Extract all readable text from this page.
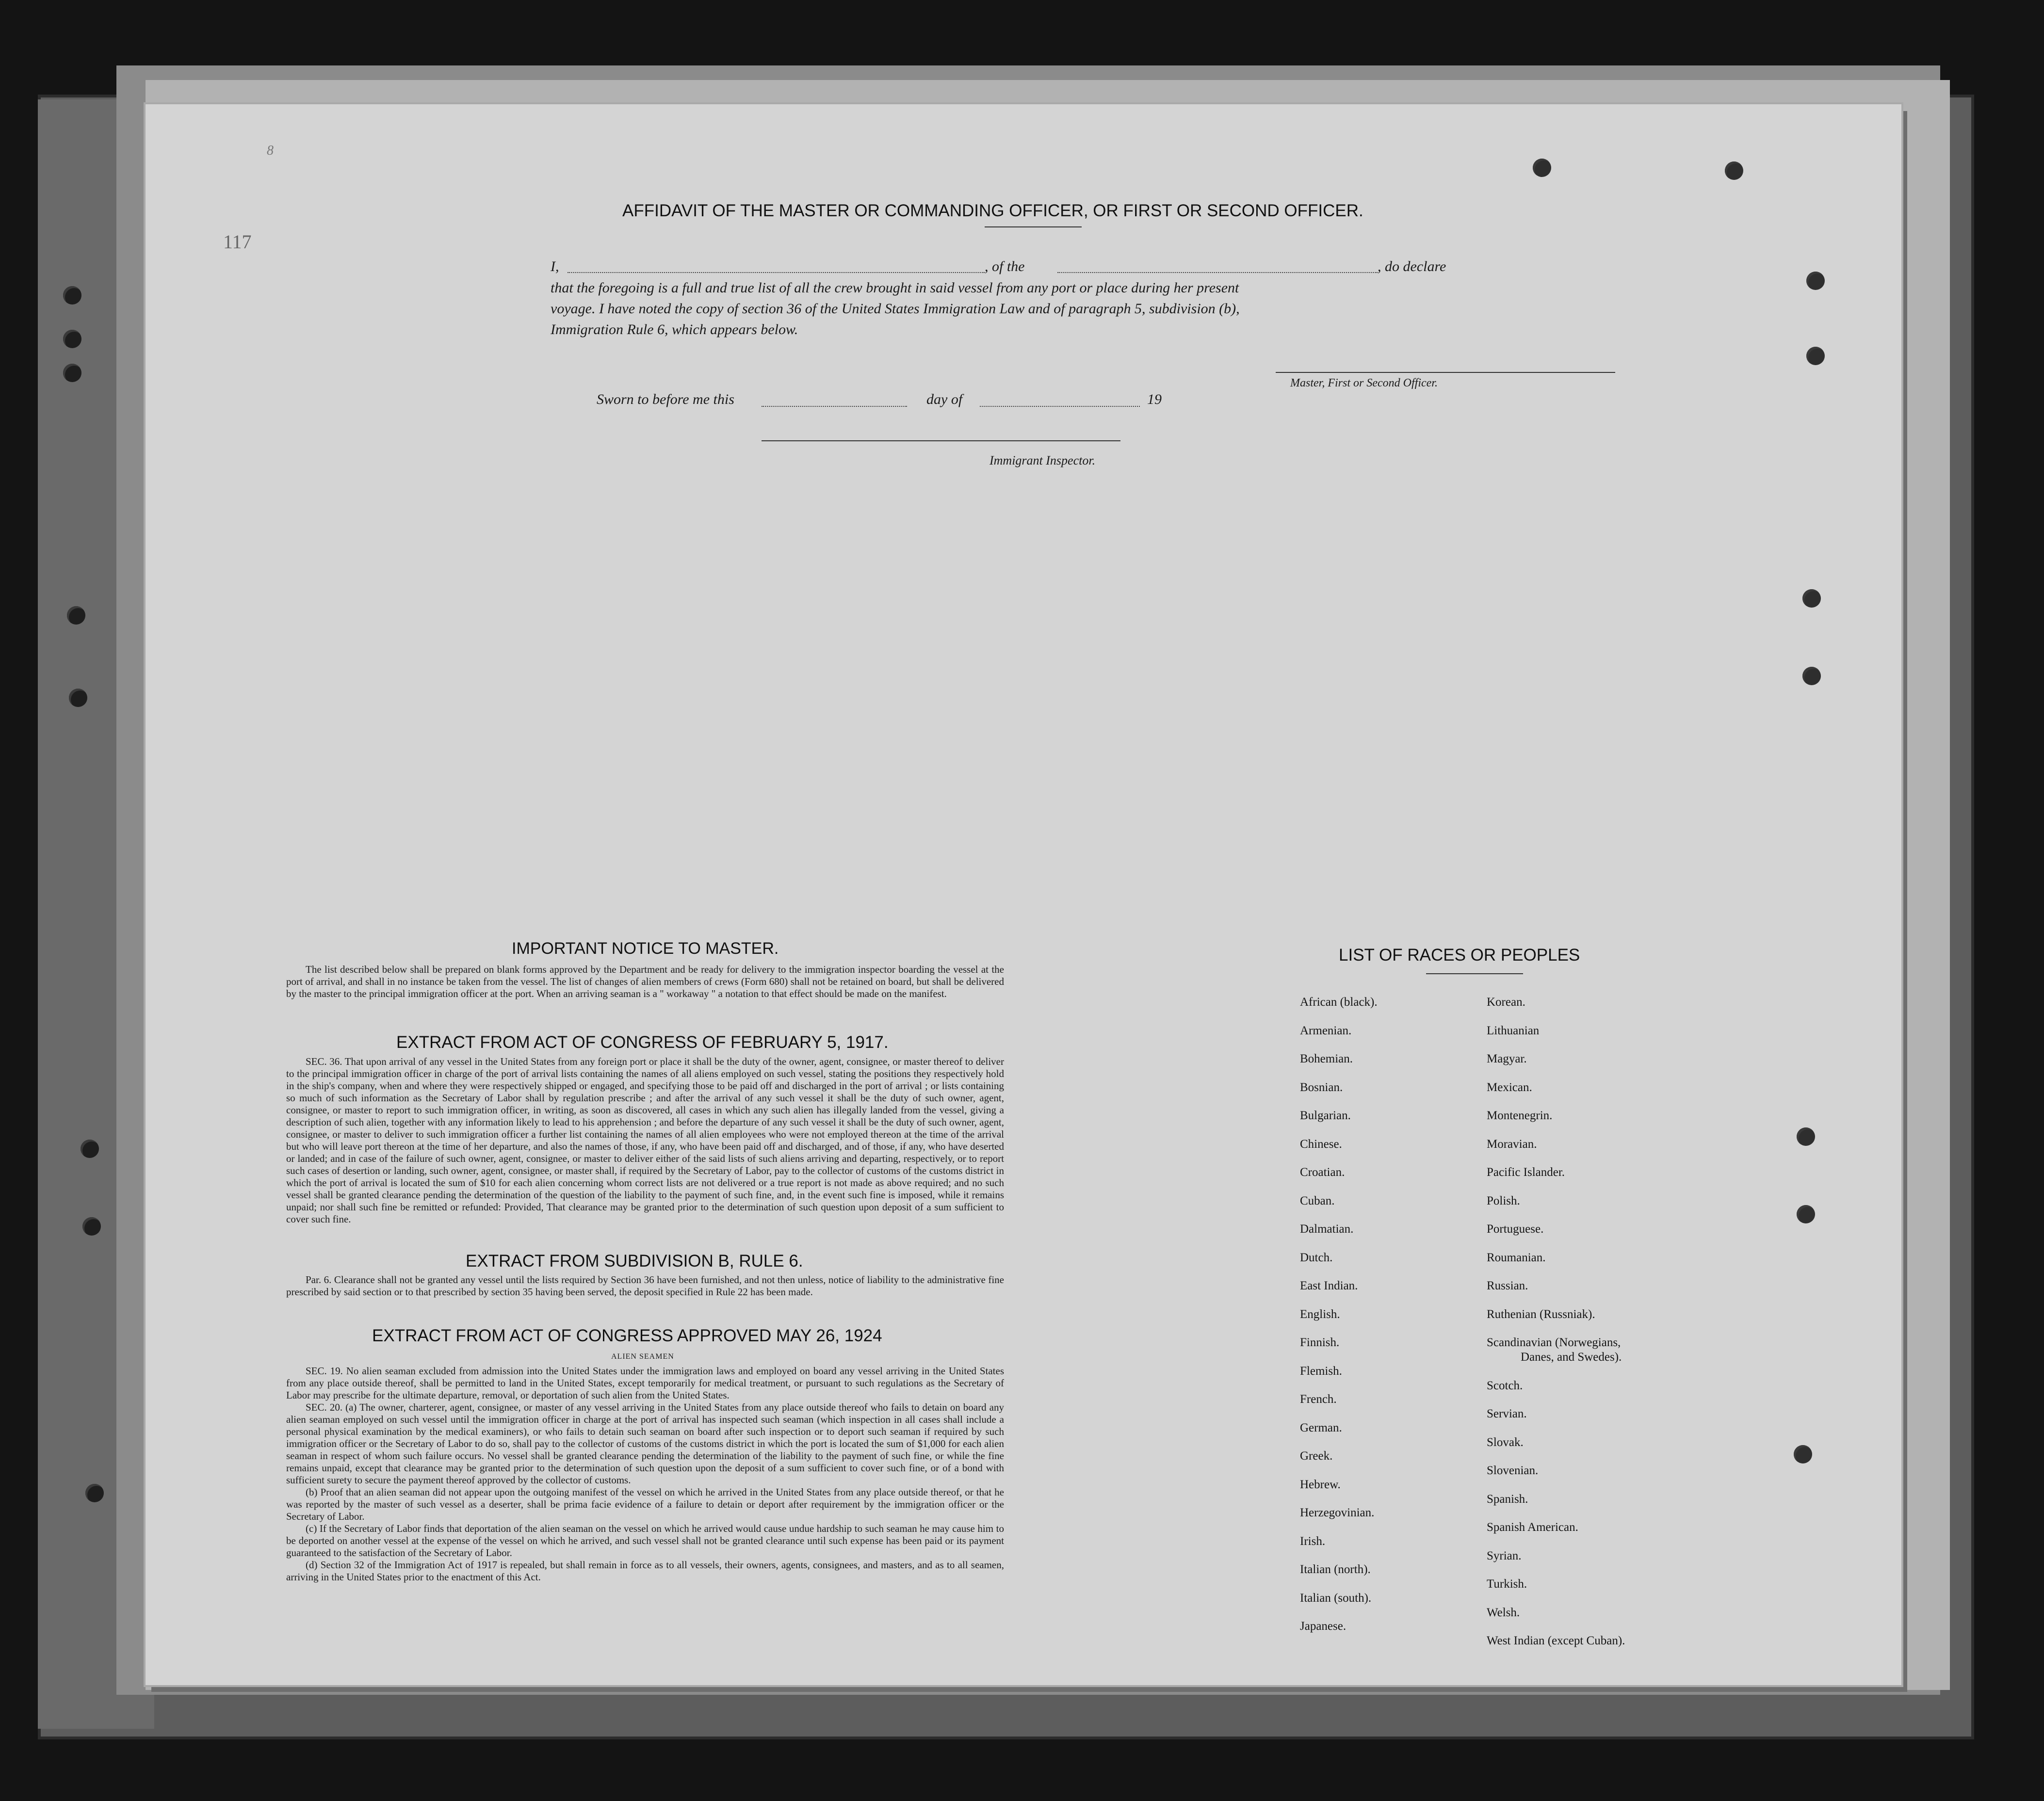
8
117
AFFIDAVIT OF THE MASTER OR COMMANDING OFFICER, OR FIRST OR SECOND OFFICER.
I,	, of the	, do declare
that the foregoing is a full and true list of all the crew brought in said vessel from any port or place during her present
voyage. I have noted the copy of section 36 of the United States Immigration Law and of paragraph 5, subdivision (b),
Immigration Rule 6, which appears below.
Master, First or Second Officer.
Sworn to before me this	day of	19
Immigrant Inspector.
IMPORTANT NOTICE TO MASTER.

The list described below shall be prepared on blank forms approved by the Department and be ready for delivery to the immigration inspector boarding the vessel at the port of arrival, and shall in no instance be taken from the vessel. The list of changes of alien members of crews (Form 680) shall not be retained on board, but shall be delivered by the master to the principal immigration officer at the port. When an arriving seaman is a " workaway " a notation to that effect should be made on the manifest.

EXTRACT FROM ACT OF CONGRESS OF FEBRUARY 5, 1917.

SEC. 36. That upon arrival of any vessel in the United States from any foreign port or place it shall be the duty of the owner, agent, consignee, or master thereof to deliver to the principal immigration officer in charge of the port of arrival lists containing the names of all aliens employed on such vessel, stating the positions they respectively hold in the ship's company, when and where they were respectively shipped or engaged, and specifying those to be paid off and discharged in the port of arrival ; or lists containing so much of such information as the Secretary of Labor shall by regulation prescribe ; and after the arrival of any such vessel it shall be the duty of such owner, agent, consignee, or master to report to such immigration officer, in writing, as soon as discovered, all cases in which any such alien has illegally landed from the vessel, giving a description of such alien, together with any information likely to lead to his apprehension ; and before the departure of any such vessel it shall be the duty of such owner, agent, consignee, or master to deliver to such immigration officer a further list containing the names of all alien employees who were not employed thereon at the time of the arrival but who will leave port thereon at the time of her departure, and also the names of those, if any, who have been paid off and discharged, and of those, if any, who have deserted or landed; and in case of the failure of such owner, agent, consignee, or master to deliver either of the said lists of such aliens arriving and departing, respectively, or to report such cases of desertion or landing, such owner, agent, consignee, or master shall, if required by the Secretary of Labor, pay to the collector of customs of the customs district in which the port of arrival is located the sum of $10 for each alien concerning whom correct lists are not delivered or a true report is not made as above required; and no such vessel shall be granted clearance pending the determination of the question of the liability to the payment of such fine, and, in the event such fine is imposed, while it remains unpaid; nor shall such fine be remitted or refunded: Provided, That clearance may be granted prior to the determination of such question upon deposit of a sum sufficient to cover such fine.

EXTRACT FROM SUBDIVISION B, RULE 6.

Par. 6. Clearance shall not be granted any vessel until the lists required by Section 36 have been furnished, and not then unless, notice of liability to the administrative fine prescribed by said section or to that prescribed by section 35 having been served, the deposit specified in Rule 22 has been made.

EXTRACT FROM ACT OF CONGRESS APPROVED MAY 26, 1924
ALIEN SEAMEN

SEC. 19. No alien seaman excluded from admission into the United States under the immigration laws and employed on board any vessel arriving in the United States from any place outside thereof, shall be permitted to land in the United States, except temporarily for medical treatment, or pursuant to such regulations as the Secretary of Labor may prescribe for the ultimate departure, removal, or deportation of such alien from the United States.

SEC. 20. (a) The owner, charterer, agent, consignee, or master of any vessel arriving in the United States from any place outside thereof who fails to detain on board any alien seaman employed on such vessel until the immigration officer in charge at the port of arrival has inspected such seaman (which inspection in all cases shall include a personal physical examination by the medical examiners), or who fails to detain such seaman on board after such inspection or to deport such seaman if required by such immigration officer or the Secretary of Labor to do so, shall pay to the collector of customs of the customs district in which the port is located the sum of $1,000 for each alien seaman in respect of whom such failure occurs. No vessel shall be granted clearance pending the determination of the liability to the payment of such fine, or while the fine remains unpaid, except that clearance may be granted prior to the determination of such question upon the deposit of a sum sufficient to cover such fine, or of a bond with sufficient surety to secure the payment thereof approved by the collector of customs.

(b) Proof that an alien seaman did not appear upon the outgoing manifest of the vessel on which he arrived in the United States from any place outside thereof, or that he was reported by the master of such vessel as a deserter, shall be prima facie evidence of a failure to detain or deport after requirement by the immigration officer or the Secretary of Labor.

(c) If the Secretary of Labor finds that deportation of the alien seaman on the vessel on which he arrived would cause undue hardship to such seaman he may cause him to be deported on another vessel at the expense of the vessel on which he arrived, and such vessel shall not be granted clearance until such expense has been paid or its payment guaranteed to the satisfaction of the Secretary of Labor.

(d) Section 32 of the Immigration Act of 1917 is repealed, but shall remain in force as to all vessels, their owners, agents, consignees, and masters, and as to all seamen, arriving in the United States prior to the enactment of this Act.

LIST OF RACES OR PEOPLES
African (black).
Armenian.
Bohemian.
Bosnian.
Bulgarian.
Chinese.
Croatian.
Cuban.
Dalmatian.
Dutch.
East Indian.
English.
Finnish.
Flemish.
French.
German.
Greek.
Hebrew.
Herzegovinian.
Irish.
Italian (north).
Italian (south).
Japanese.
Korean.
Lithuanian
Magyar.
Mexican.
Montenegrin.
Moravian.
Pacific Islander.
Polish.
Portuguese.
Roumanian.
Russian.
Ruthenian (Russniak).
Scandinavian (Norwegians,
Danes, and Swedes).
Scotch.
Servian.
Slovak.
Slovenian.
Spanish.
Spanish American.
Syrian.
Turkish.
Welsh.
West Indian (except Cuban).
